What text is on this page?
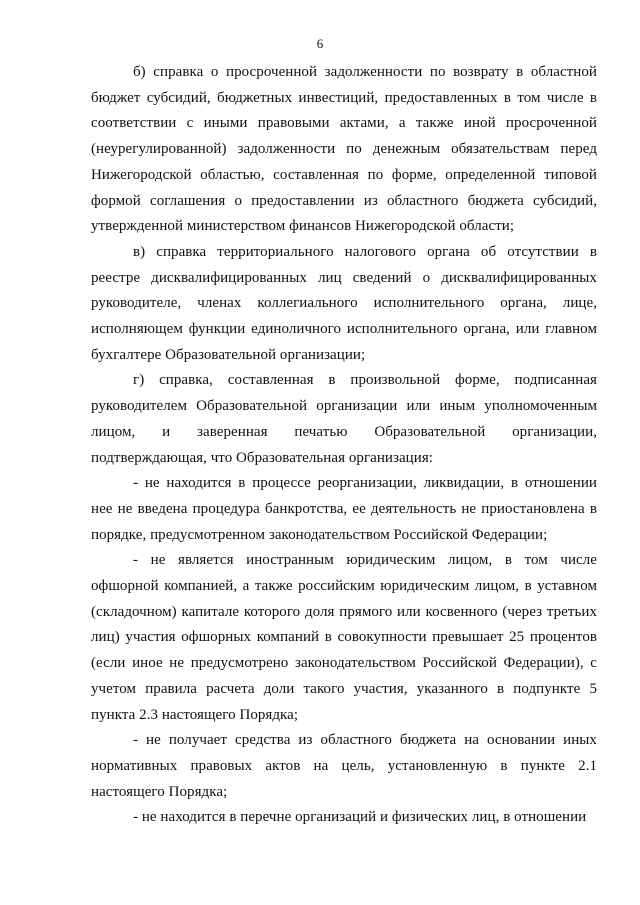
6

б) справка о просроченной задолженности по возврату в областной бюджет субсидий, бюджетных инвестиций, предоставленных в том числе в соответствии с иными правовыми актами, а также иной просроченной (неурегулированной) задолженности по денежным обязательствам перед Нижегородской областью, составленная по форме, определенной типовой формой соглашения о предоставлении из областного бюджета субсидий, утвержденной министерством финансов Нижегородской области;

в) справка территориального налогового органа об отсутствии в реестре дисквалифицированных лиц сведений о дисквалифицированных руководителе, членах коллегиального исполнительного органа, лице, исполняющем функции единоличного исполнительного органа, или главном бухгалтере Образовательной организации;

г) справка, составленная в произвольной форме, подписанная руководителем Образовательной организации или иным уполномоченным лицом, и заверенная печатью Образовательной организации, подтверждающая, что Образовательная организация:

- не находится в процессе реорганизации, ликвидации, в отношении нее не введена процедура банкротства, ее деятельность не приостановлена в порядке, предусмотренном законодательством Российской Федерации;

- не является иностранным юридическим лицом, в том числе офшорной компанией, а также российским юридическим лицом, в уставном (складочном) капитале которого доля прямого или косвенного (через третьих лиц) участия офшорных компаний в совокупности превышает 25 процентов (если иное не предусмотрено законодательством Российской Федерации), с учетом правила расчета доли такого участия, указанного в подпункте 5 пункта 2.3 настоящего Порядка;

- не получает средства из областного бюджета на основании иных нормативных правовых актов на цель, установленную в пункте 2.1 настоящего Порядка;

- не находится в перечне организаций и физических лиц, в отношении
